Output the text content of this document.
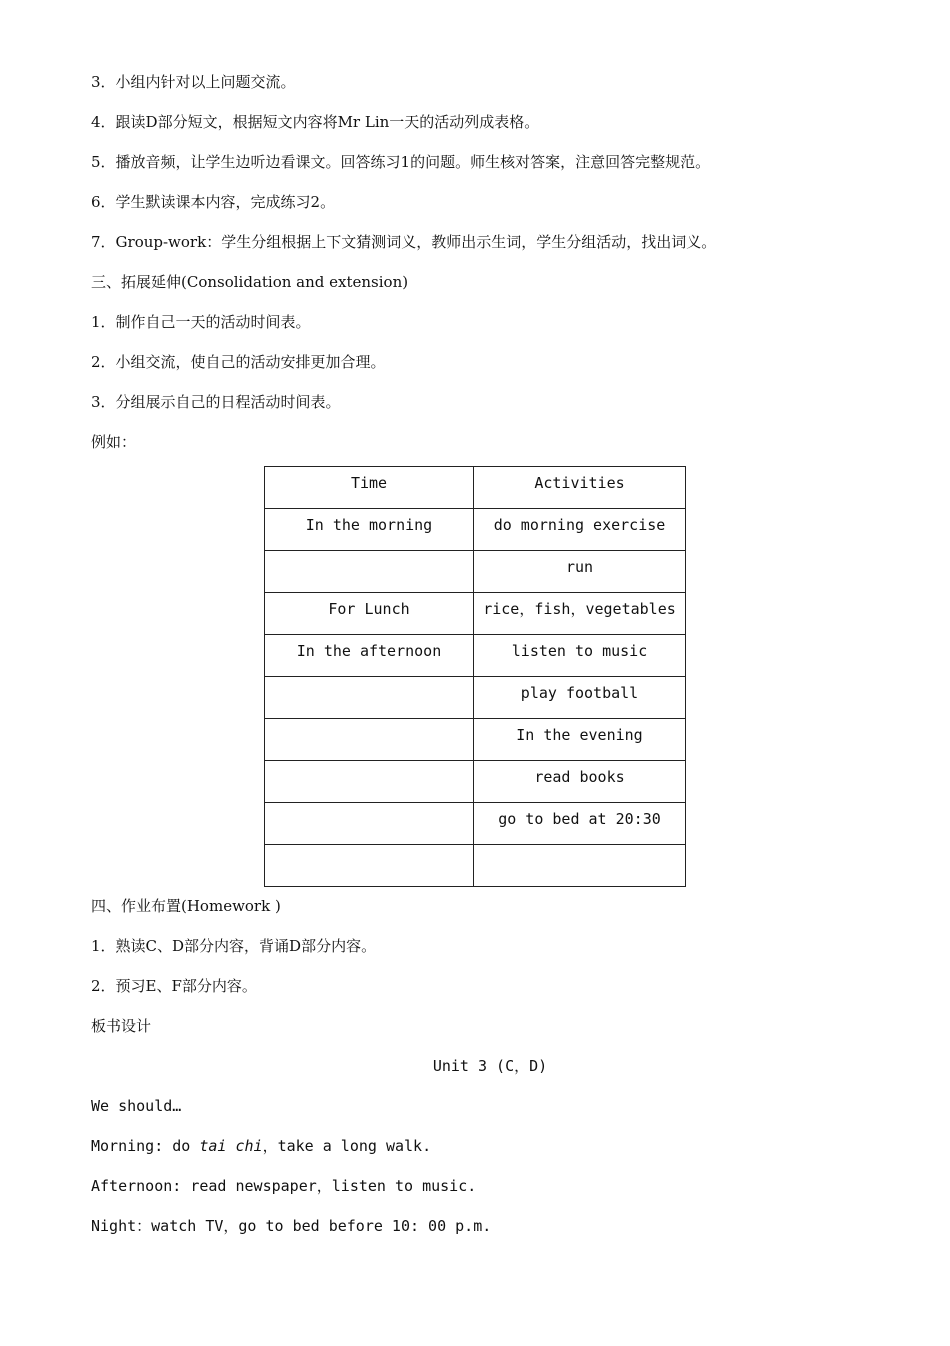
3．小组内针对以上问题交流。
4．跟读D部分短文，根据短文内容将Mr Lin一天的活动列成表格。
5．播放音频，让学生边听边看课文。回答练习1的问题。师生核对答案，注意回答完整规范。
6．学生默读课本内容，完成练习2。
7．Group-work：学生分组根据上下文猜测词义，教师出示生词，学生分组活动，找出词义。
三、拓展延伸(Consolidation and extension)
1．制作自己一天的活动时间表。
2．小组交流，使自己的活动安排更加合理。
3．分组展示自己的日程活动时间表。
例如：
Time	Activities

In the morning	do morning exercise

	run

For Lunch	rice，fish，vegetables

In the afternoon	listen to music

	play football

	In the evening

	read books

	go to bed at 20:30

四、作业布置(Homework )
1．熟读C、D部分内容，背诵D部分内容。
2．预习E、F部分内容。
板书设计
Unit 3 (C，D)
We should…
Morning: do tai chi，take a long walk.
Afternoon: read newspaper，listen to music.
Night：watch TV，go to bed before 10: 00 p.m.
